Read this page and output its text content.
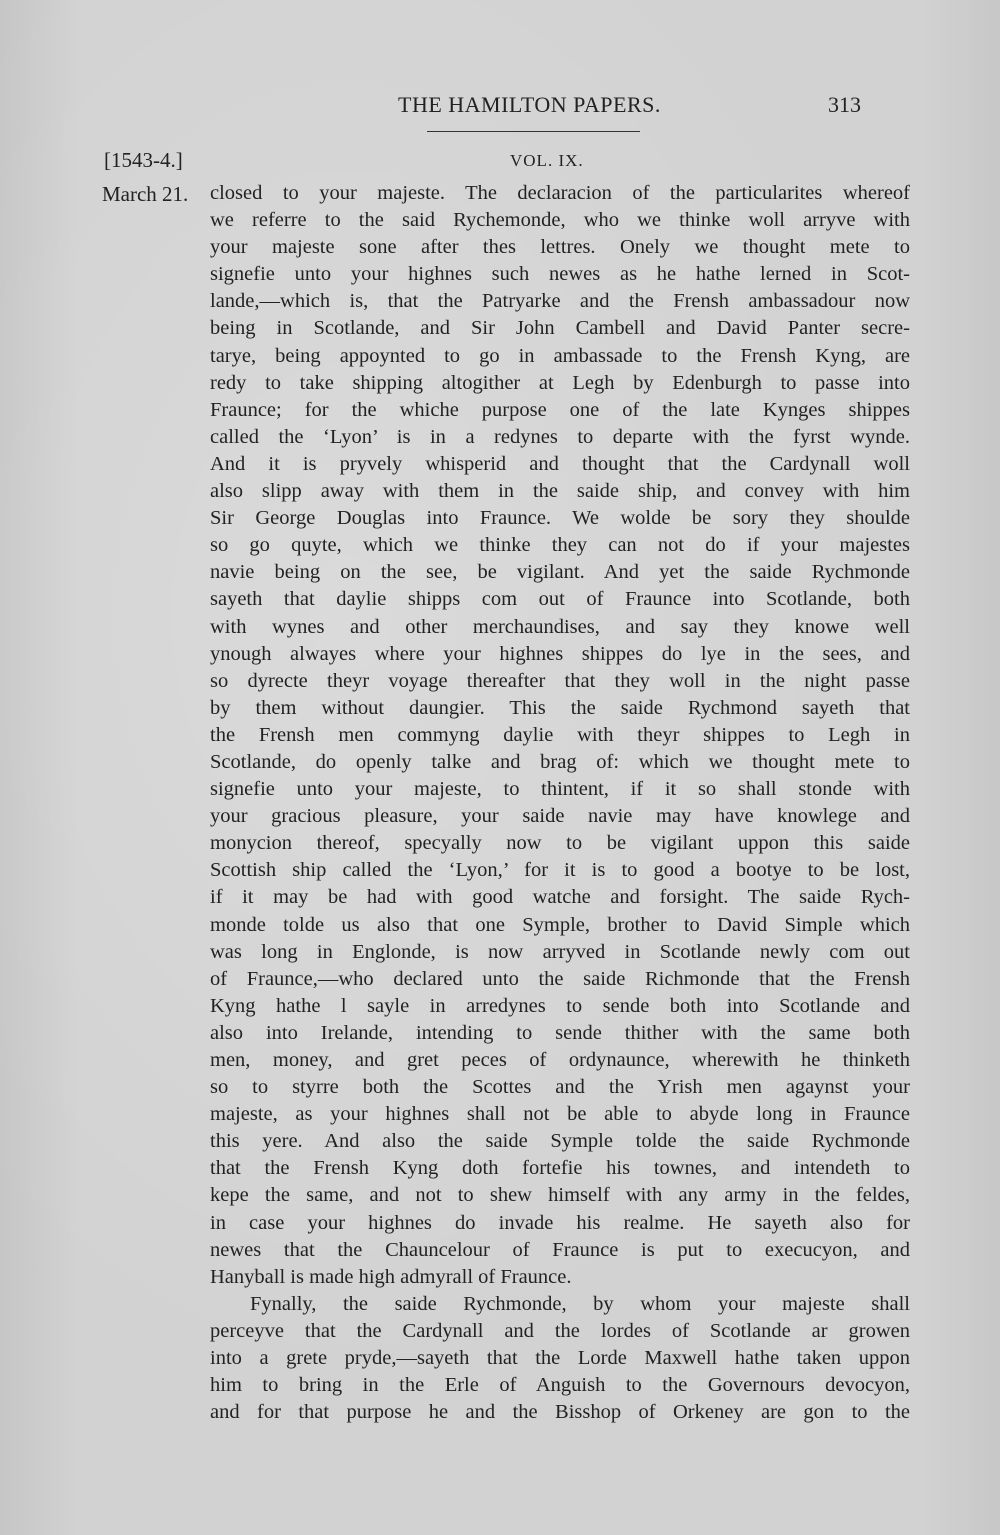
THE HAMILTON PAPERS.	313
[1543-4.]	VOL. IX.
March 21. closed to your majeste. The declaracion of the particularites whereof
we referre to the said Rychemonde, who we thinke woll arryve with
your majeste sone after thes lettres. Onely we thought mete to
signefie unto your highnes such newes as he hathe lerned in Scot-
lande,—which is, that the Patryarke and the Frensh ambassadour now
being in Scotlande, and Sir John Cambell and David Panter secre-
tarye, being appoynted to go in ambassade to the Frensh Kyng, are
redy to take shipping altogither at Legh by Edenburgh to passe into
Fraunce; for the whiche purpose one of the late Kynges shippes
called the ‘Lyon’ is in a redynes to departe with the fyrst wynde.
And it is pryvely whisperid and thought that the Cardynall woll
also slipp away with them in the saide ship, and convey with him
Sir George Douglas into Fraunce. We wolde be sory they shoulde
so go quyte, which we thinke they can not do if your majestes
navie being on the see, be vigilant. And yet the saide Rychmonde
sayeth that daylie shipps com out of Fraunce into Scotlande, both
with wynes and other merchaundises, and say they knowe well
ynough alwayes where your highnes shippes do lye in the sees, and
so dyrecte theyr voyage thereafter that they woll in the night passe
by them without daungier. This the saide Rychmond sayeth that
the Frensh men commyng daylie with theyr shippes to Legh in
Scotlande, do openly talke and brag of: which we thought mete to
signefie unto your majeste, to thintent, if it so shall stonde with
your gracious pleasure, your saide navie may have knowlege and
monycion thereof, specyally now to be vigilant uppon this saide
Scottish ship called the ‘Lyon,’ for it is to good a bootye to be lost,
if it may be had with good watche and forsight. The saide Rych-
monde tolde us also that one Symple, brother to David Simple which
was long in Englonde, is now arryved in Scotlande newly com out
of Fraunce,—who declared unto the saide Richmonde that the Frensh
Kyng hathe l sayle in arredynes to sende both into Scotlande and
also into Irelande, intending to sende thither with the same both
men, money, and gret peces of ordynaunce, wherewith he thinketh
so to styrre both the Scottes and the Yrish men agaynst your
majeste, as your highnes shall not be able to abyde long in Fraunce
this yere. And also the saide Symple tolde the saide Rychmonde
that the Frensh Kyng doth fortefie his townes, and intendeth to
kepe the same, and not to shew himself with any army in the feldes,
in case your highnes do invade his realme. He sayeth also for
newes that the Chauncelour of Fraunce is put to execucyon, and
Hanyball is made high admyrall of Fraunce.
Fynally, the saide Rychmonde, by whom your majeste shall
perceyve that the Cardynall and the lordes of Scotlande ar growen
into a grete pryde,—sayeth that the Lorde Maxwell hathe taken uppon
him to bring in the Erle of Anguish to the Governours devocyon,
and for that purpose he and the Bisshop of Orkeney are gon to the
